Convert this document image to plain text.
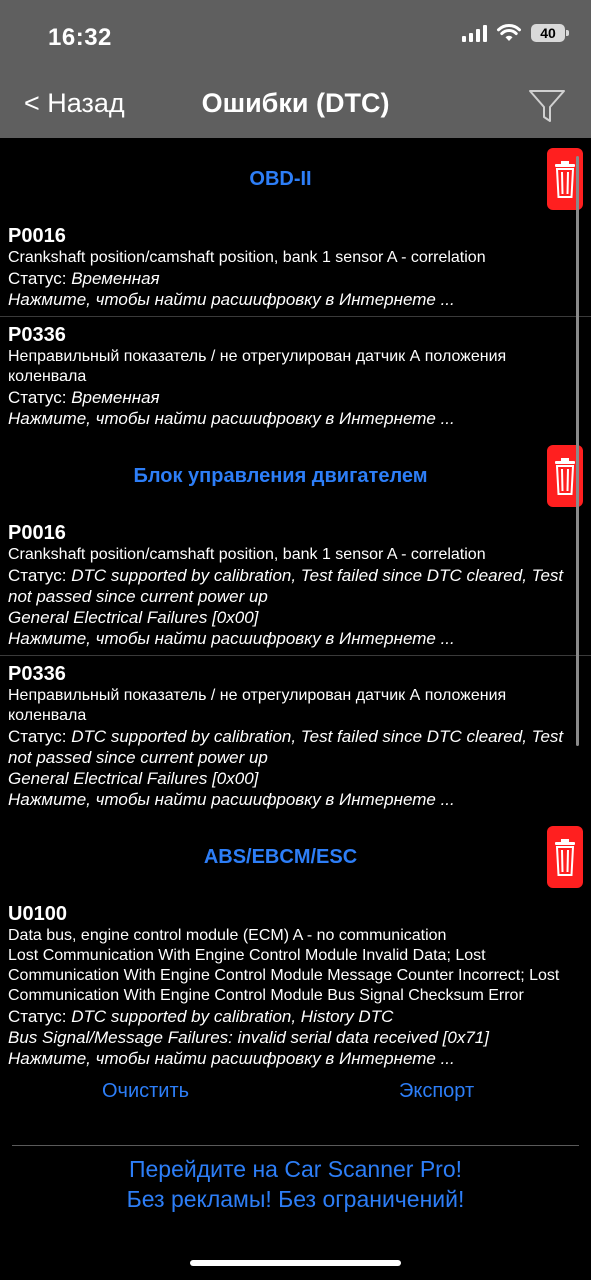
16:32	40
< Назад	Ошибки (DTC)
OBD-II
P0016
Crankshaft position/camshaft position, bank 1 sensor A - correlation
Статус: Временная
Нажмите, чтобы найти расшифровку в Интернете ...
P0336
Неправильный показатель / не отрегулирован датчик А положения коленвала
Статус: Временная
Нажмите, чтобы найти расшифровку в Интернете ...
Блок управления двигателем
P0016
Crankshaft position/camshaft position, bank 1 sensor A - correlation
Статус: DTC supported by calibration, Test failed since DTC cleared, Test not passed since current power up
General Electrical Failures [0x00]
Нажмите, чтобы найти расшифровку в Интернете ...
P0336
Неправильный показатель / не отрегулирован датчик А положения коленвала
Статус: DTC supported by calibration, Test failed since DTC cleared, Test not passed since current power up
General Electrical Failures [0x00]
Нажмите, чтобы найти расшифровку в Интернете ...
ABS/EBCM/ESC
U0100
Data bus, engine control module (ECM) A - no communication
Lost Communication With Engine Control Module Invalid Data; Lost Communication With Engine Control Module Message Counter Incorrect; Lost Communication With Engine Control Module Bus Signal Checksum Error
Статус: DTC supported by calibration, History DTC
Bus Signal/Message Failures: invalid serial data received [0x71]
Нажмите, чтобы найти расшифровку в Интернете ...
Очистить	Экспорт
Перейдите на Car Scanner Pro!
Без рекламы! Без ограничений!
